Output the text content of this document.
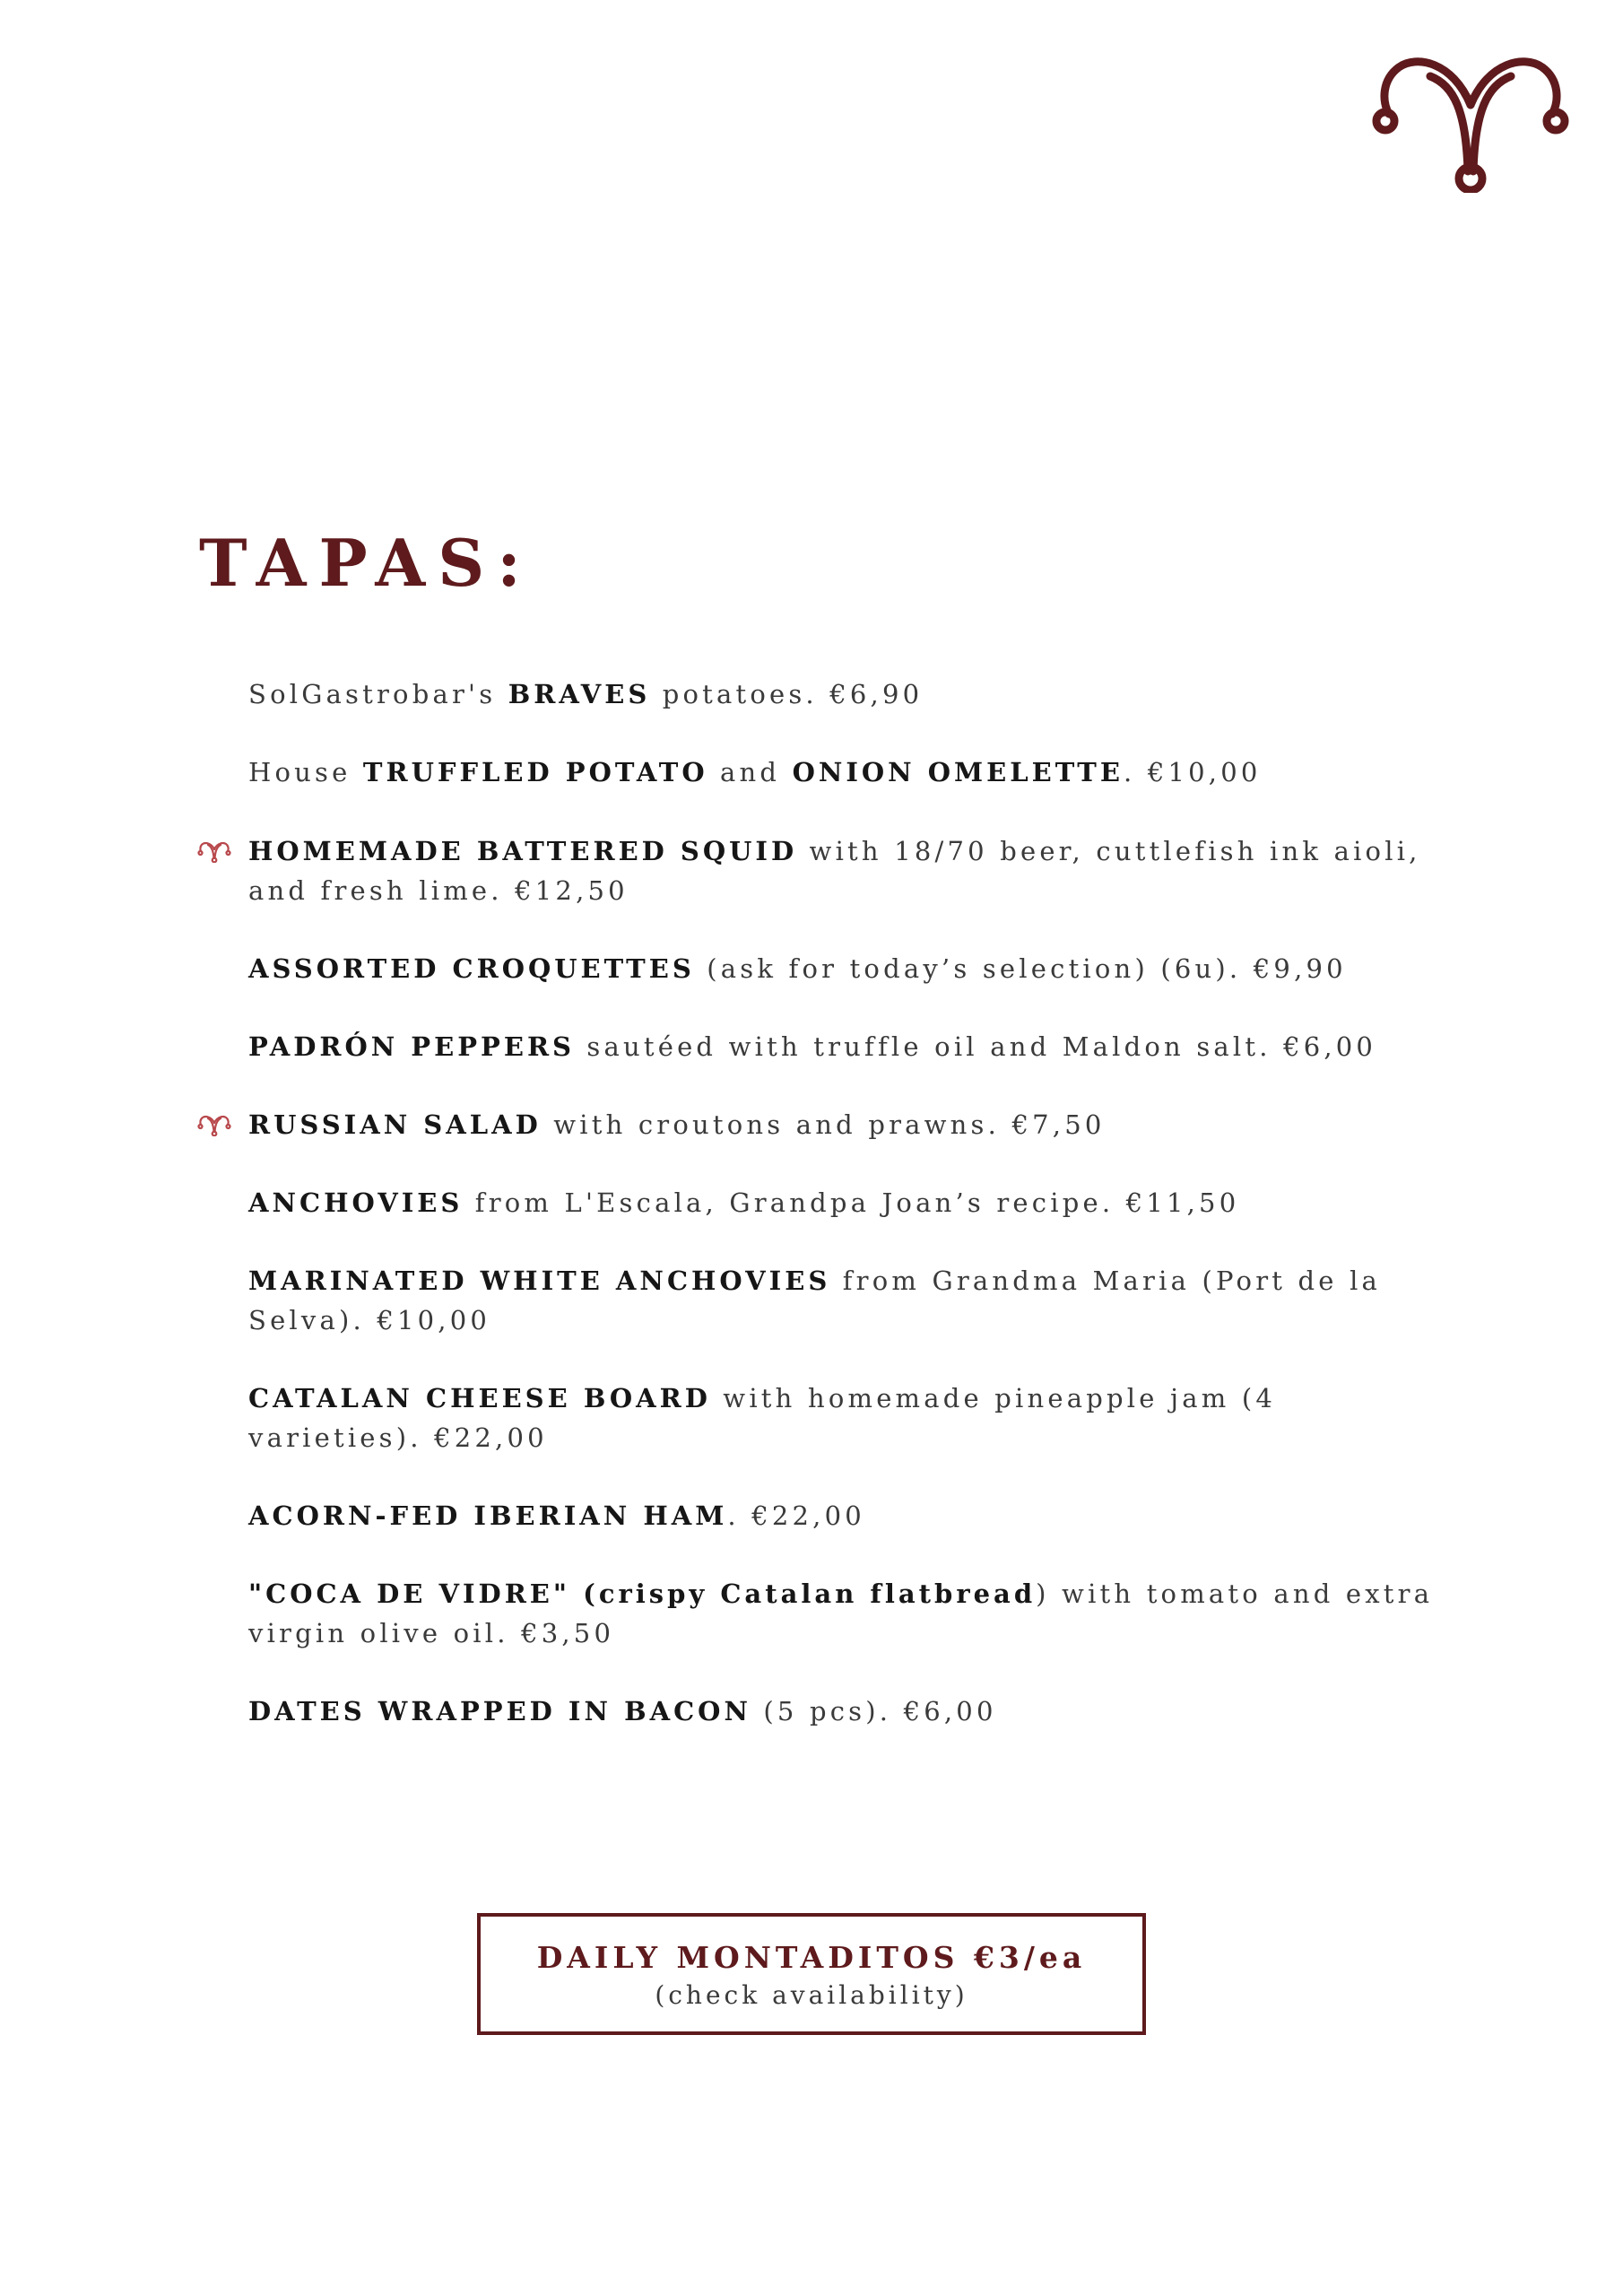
TAPAS:
SolGastrobar's BRAVES potatoes. €6,90
House TRUFFLED POTATO and ONION OMELETTE. €10,00
HOMEMADE BATTERED SQUID with 18/70 beer, cuttlefish ink aioli, and fresh lime. €12,50
ASSORTED CROQUETTES (ask for today’s selection) (6u). €9,90
PADRÓN PEPPERS sautéed with truffle oil and Maldon salt. €6,00
RUSSIAN SALAD with croutons and prawns. €7,50
ANCHOVIES from L'Escala, Grandpa Joan’s recipe. €11,50
MARINATED WHITE ANCHOVIES from Grandma Maria (Port de la Selva). €10,00
CATALAN CHEESE BOARD with homemade pineapple jam (4 varieties). €22,00
ACORN-FED IBERIAN HAM. €22,00
"COCA DE VIDRE" (crispy Catalan flatbread) with tomato and extra virgin olive oil. €3,50
DATES WRAPPED IN BACON (5 pcs). €6,00
DAILY MONTADITOS €3/ea
(check availability)
